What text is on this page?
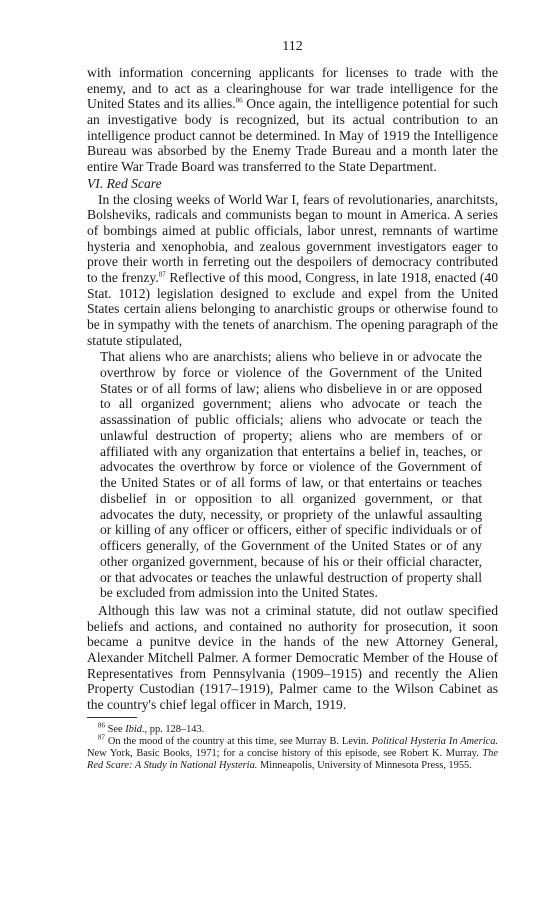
112

with information concerning applicants for licenses to trade with the enemy, and to act as a clearinghouse for war trade intelligence for the United States and its allies.$^{86}$ Once again, the intelligence potential for such an investigative body is recognized, but its actual contribution to an intelligence product cannot be determined. In May of 1919 the Intelligence Bureau was absorbed by the Enemy Trade Bureau and a month later the entire War Trade Board was transferred to the State Department.

VI. Red Scare

In the closing weeks of World War I, fears of revolutionaries, anarchitsts, Bolsheviks, radicals and communists began to mount in America. A series of bombings aimed at public officials, labor unrest, remnants of wartime hysteria and xenophobia, and zealous government investigators eager to prove their worth in ferreting out the despoilers of democracy contributed to the frenzy.$^{87}$ Reflective of this mood, Congress, in late 1918, enacted (40 Stat. 1012) legislation designed to exclude and expel from the United States certain aliens belonging to anarchistic groups or otherwise found to be in sympathy with the tenets of anarchism. The opening paragraph of the statute stipulated,

That aliens who are anarchists; aliens who believe in or advocate the overthrow by force or violence of the Government of the United States or of all forms of law; aliens who disbelieve in or are opposed to all organized government; aliens who advocate or teach the assassination of public officials; aliens who advocate or teach the unlawful destruction of property; aliens who are members of or affiliated with any organization that entertains a belief in, teaches, or advocates the overthrow by force or violence of the Government of the United States or of all forms of law, or that entertains or teaches disbelief in or opposition to all organized government, or that advocates the duty, necessity, or propriety of the unlawful assaulting or killing of any officer or officers, either of specific individuals or of officers generally, of the Government of the United States or of any other organized government, because of his or their official character, or that advocates or teaches the unlawful destruction of property shall be excluded from admission into the United States.

Although this law was not a criminal statute, did not outlaw specified beliefs and actions, and contained no authority for prosecution, it soon became a punitve device in the hands of the new Attorney General, Alexander Mitchell Palmer. A former Democratic Member of the House of Representatives from Pennsylvania (1909–1915) and recently the Alien Property Custodian (1917–1919), Palmer came to the Wilson Cabinet as the country's chief legal officer in March, 1919.

$^{86}$ See Ibid., pp. 128–143.

$^{87}$ On the mood of the country at this time, see Murray B. Levin. Political Hysteria In America. New York, Basic Books, 1971; for a concise history of this episode, see Robert K. Murray. The Red Scare: A Study in National Hysteria. Minneapolis, University of Minnesota Press, 1955.
